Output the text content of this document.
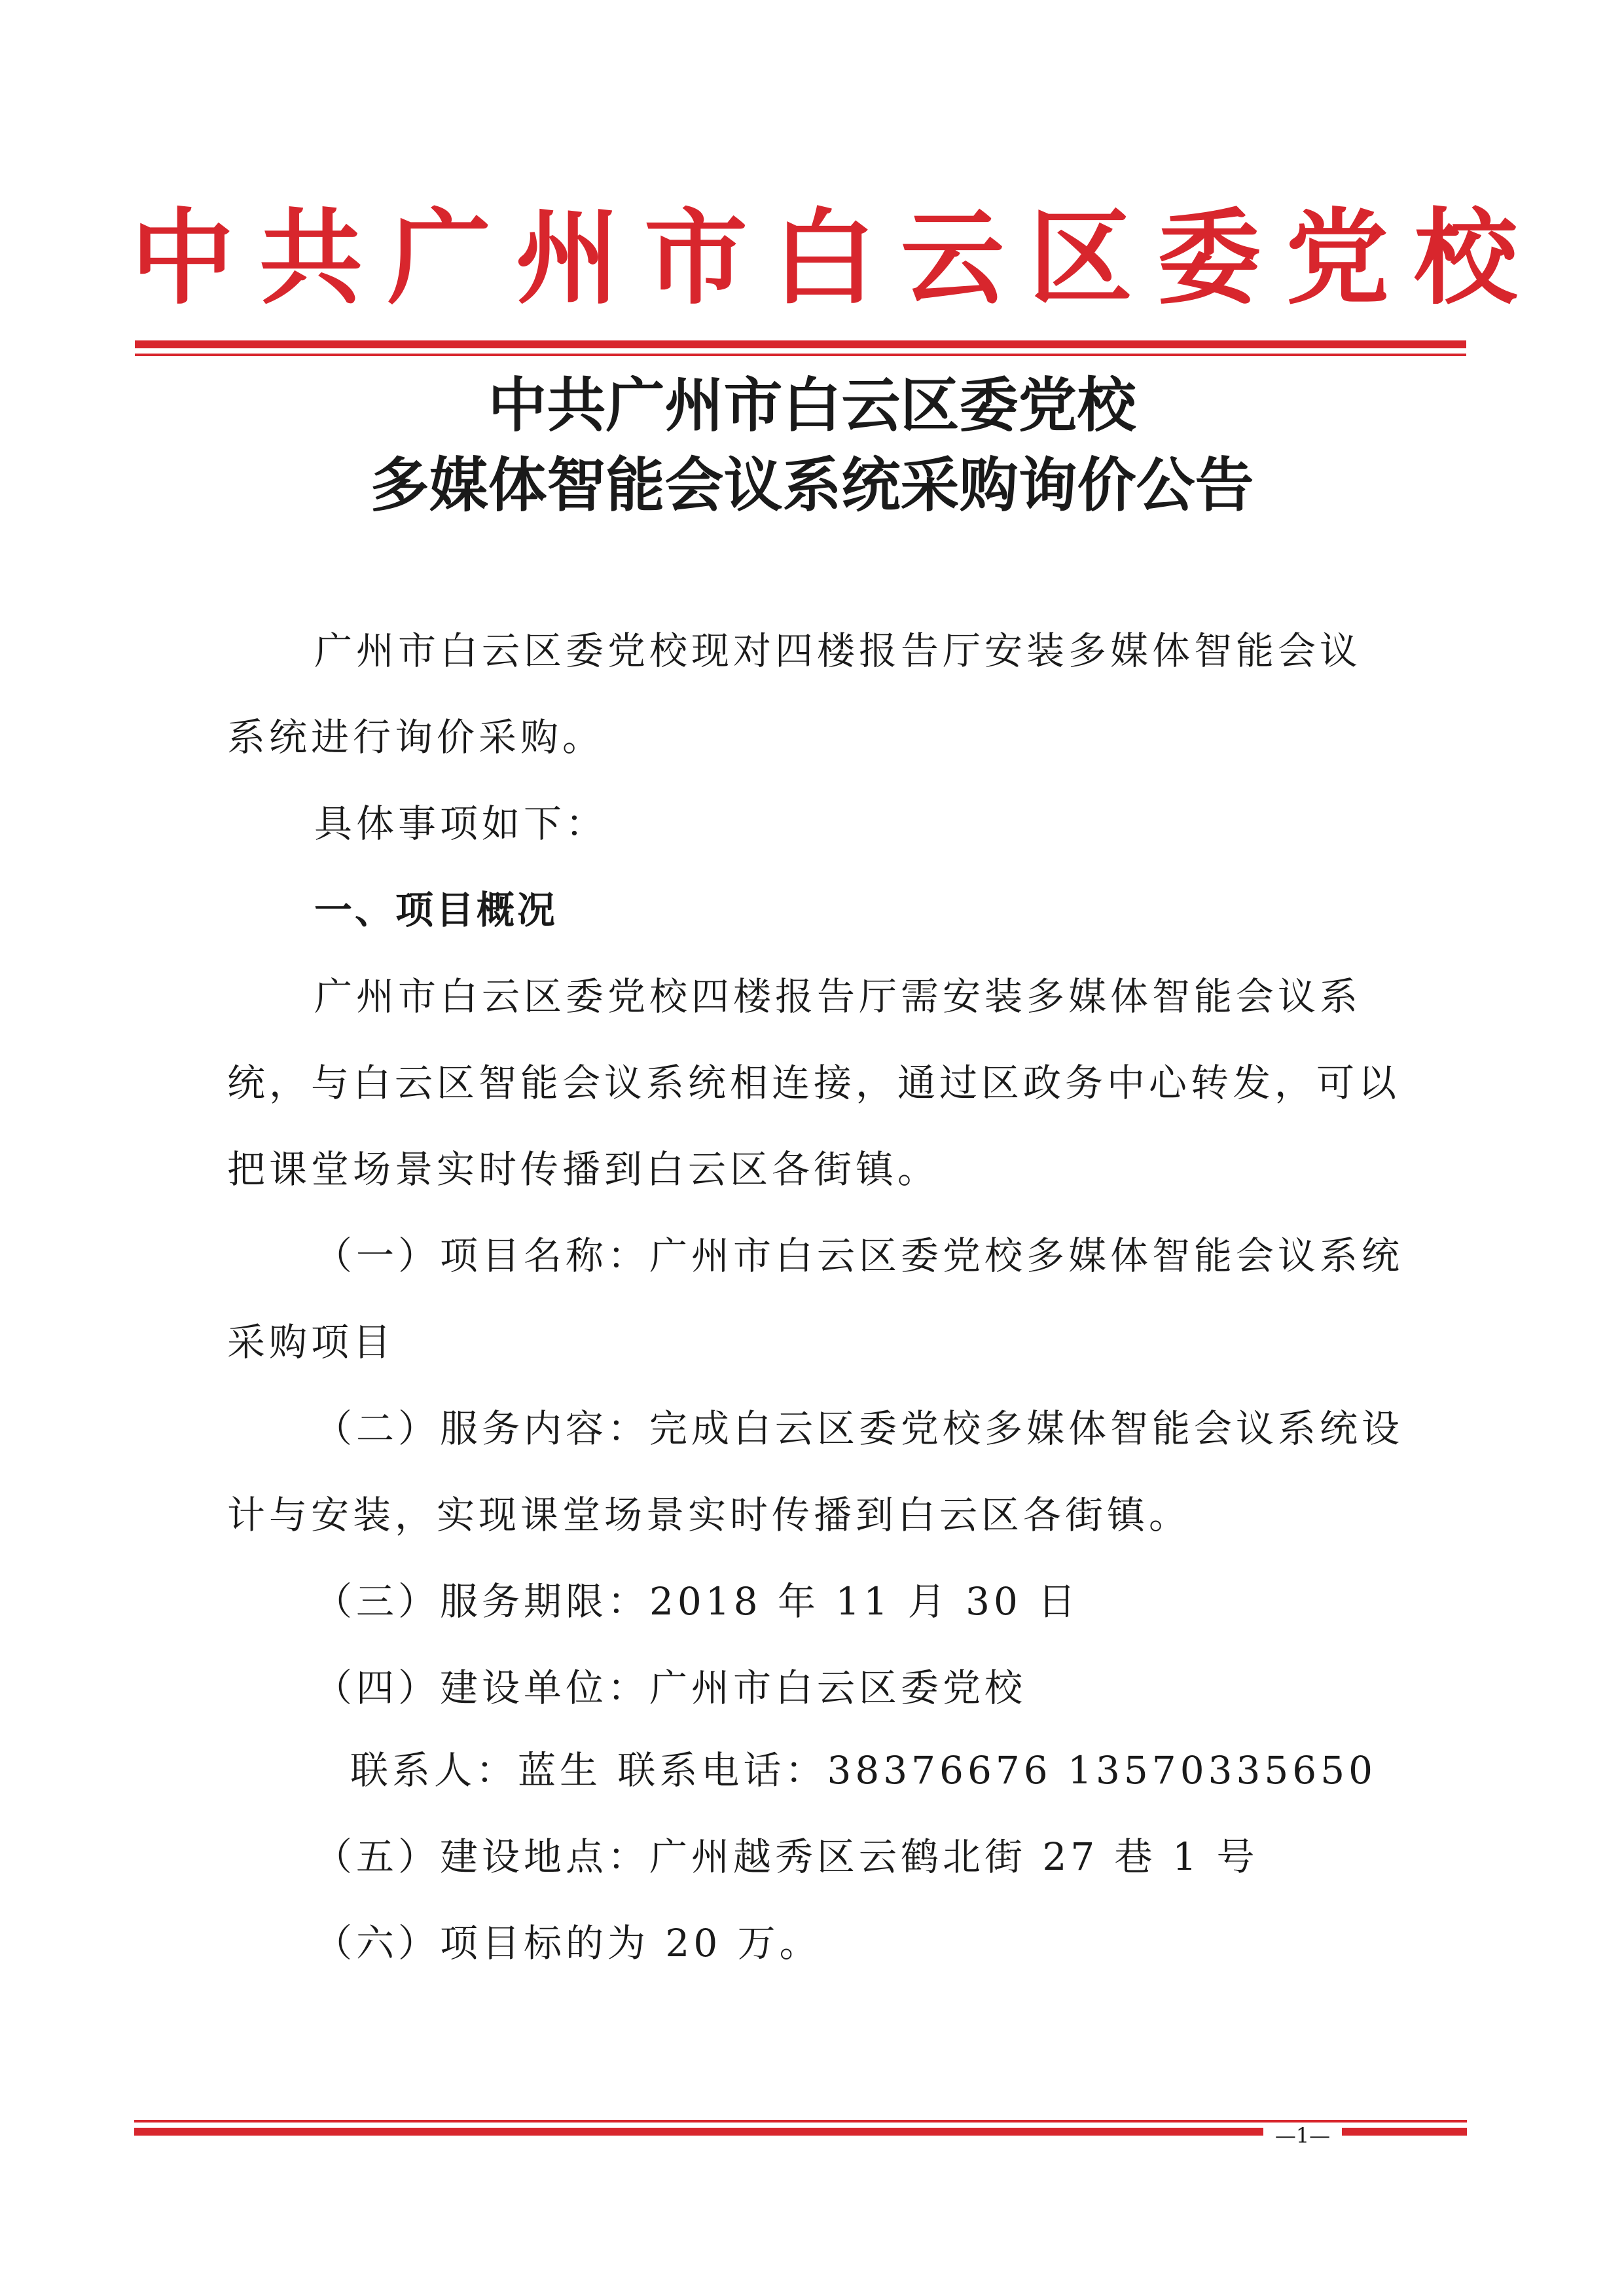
中共广州市白云区委党校
中共广州市白云区委党校
多媒体智能会议系统采购询价公告
广州市白云区委党校现对四楼报告厅安装多媒体智能会议
系统进行询价采购。
具体事项如下：
一、项目概况
广州市白云区委党校四楼报告厅需安装多媒体智能会议系
统，与白云区智能会议系统相连接，通过区政务中心转发，可以
把课堂场景实时传播到白云区各街镇。
（一）项目名称：广州市白云区委党校多媒体智能会议系统
采购项目
（二）服务内容：完成白云区委党校多媒体智能会议系统设
计与安装，实现课堂场景实时传播到白云区各街镇。
（三）服务期限：2018 年 11 月 30 日
（四）建设单位：广州市白云区委党校
联系人：蓝生 联系电话：38376676 13570335650
（五）建设地点：广州越秀区云鹤北街 27 巷 1 号
（六）项目标的为 20 万。
—1—
